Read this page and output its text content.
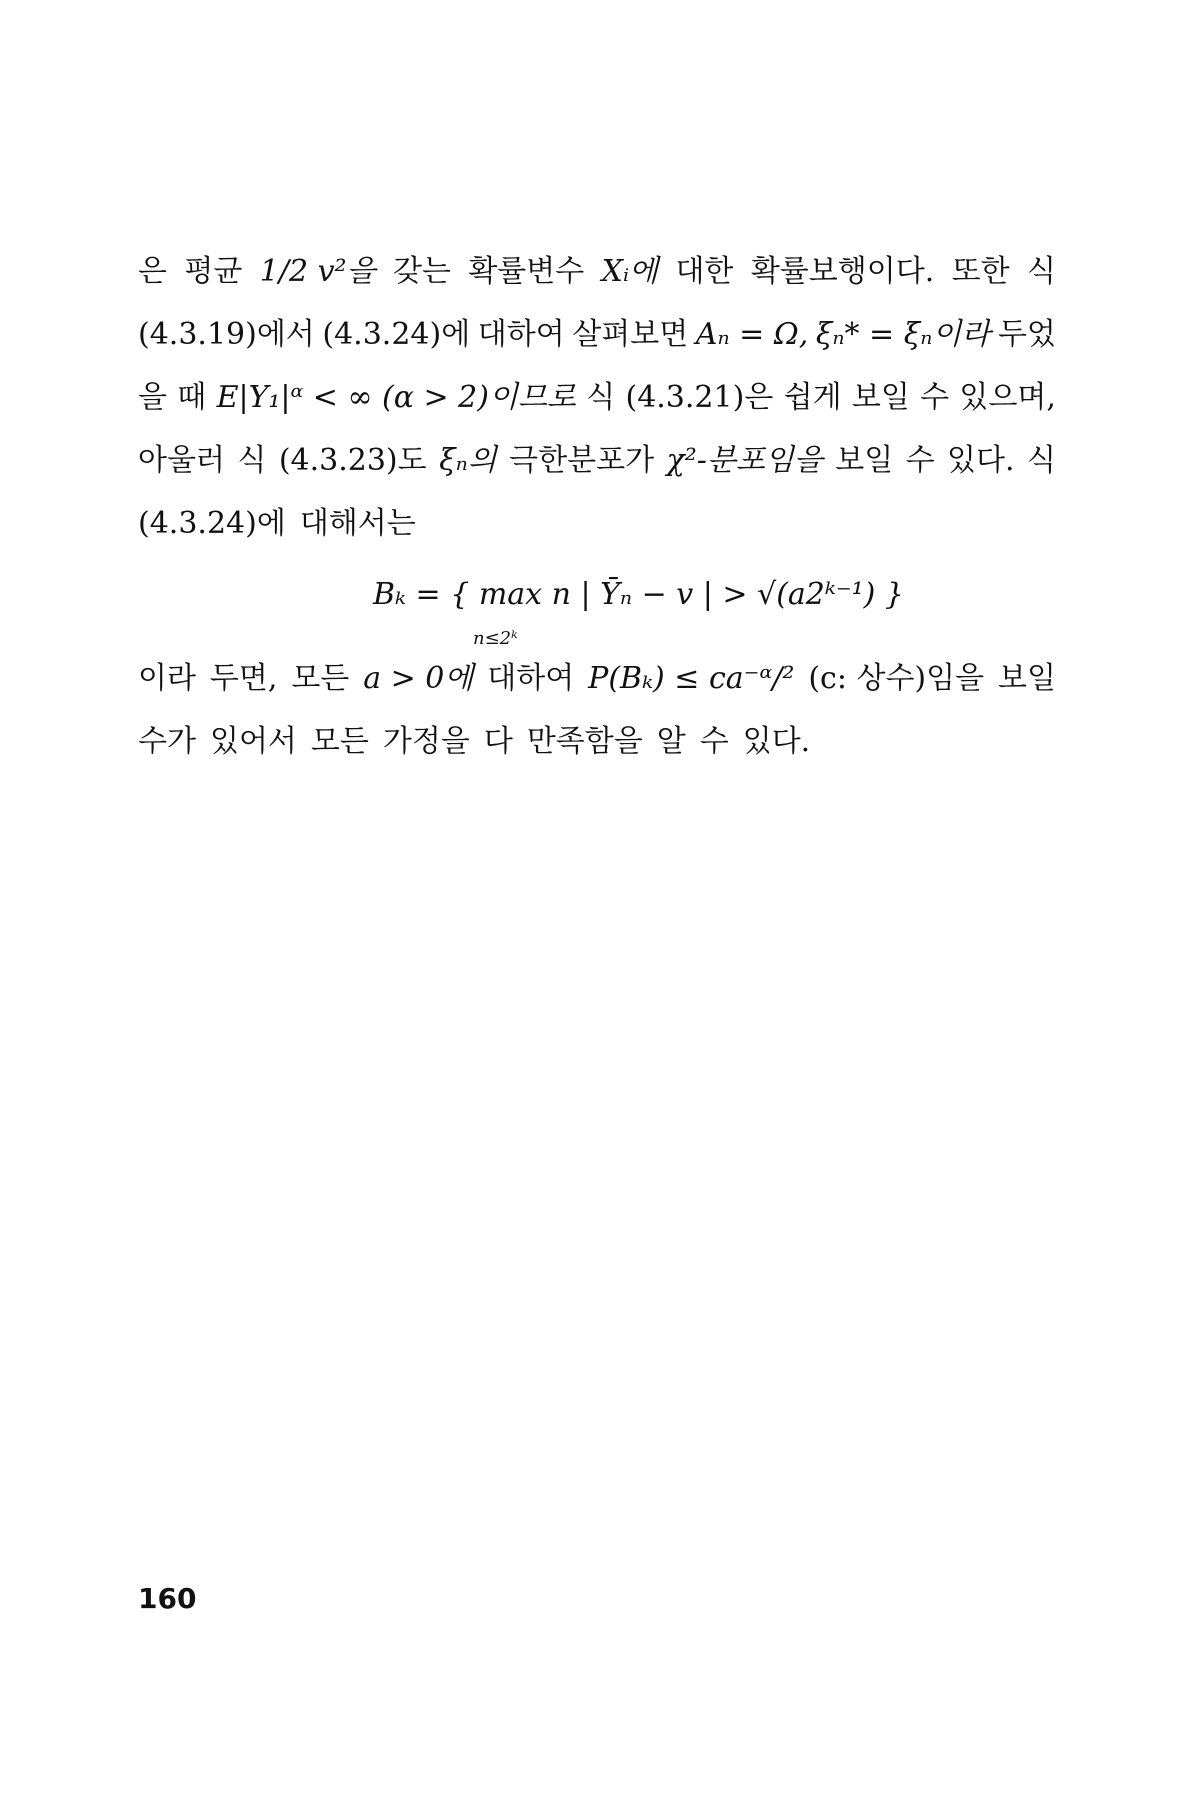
은 평균 1/2 v²을 갖는 확률변수 Xᵢ에 대한 확률보행이다. 또한 식
(4.3.19)에서 (4.3.24)에 대하여 살펴보면 Aₙ = Ω, ξₙ* = ξₙ이라 두었
을 때 E|Y₁|ᵅ < ∞ (α > 2)이므로 식 (4.3.21)은 쉽게 보일 수 있으며,
아울러 식 (4.3.23)도 ξₙ의 극한분포가 χ²-분포임을 보일 수 있다. 식
(4.3.24)에 대해서는
Bₖ = { max n | Ȳₙ − v | > √(a2ᵏ⁻¹) }
n≤2ᵏ
이라 두면, 모든 a > 0에 대하여 P(Bₖ) ≤ ca⁻ᵅ/² (c: 상수)임을 보일
수가 있어서 모든 가정을 다 만족함을 알 수 있다.
160
